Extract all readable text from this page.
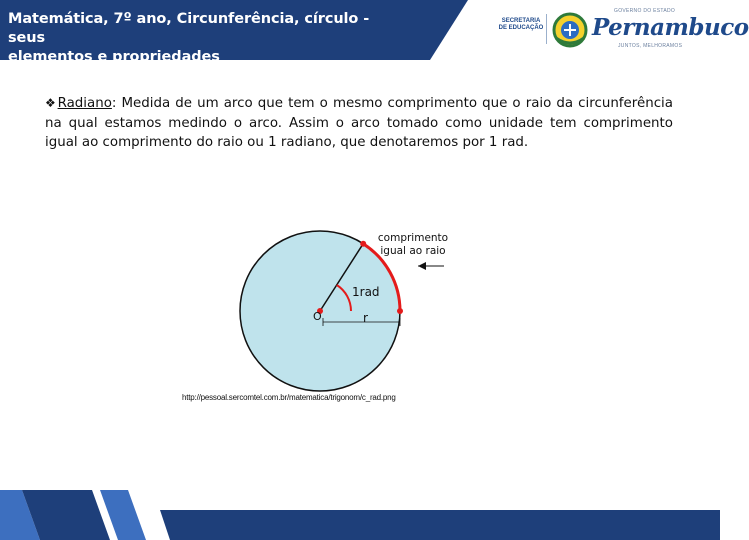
Matemática, 7º ano, Circunferência, círculo - seus
elementos e propriedades
SECRETARIA
DE EDUCAÇÃO
GOVERNO DO ESTADO
Pernambuco
JUNTOS, MELHORAMOS
❖Radiano: Medida de um arco que tem o mesmo comprimento que o raio da circunferência na qual estamos medindo o arco. Assim o arco tomado como unidade tem comprimento igual ao comprimento do raio ou 1 radiano, que denotaremos por 1 rad.
comprimento
igual ao raio
1rad
O	r
http://pessoal.sercomtel.com.br/matematica/trigonom/c_rad.png
